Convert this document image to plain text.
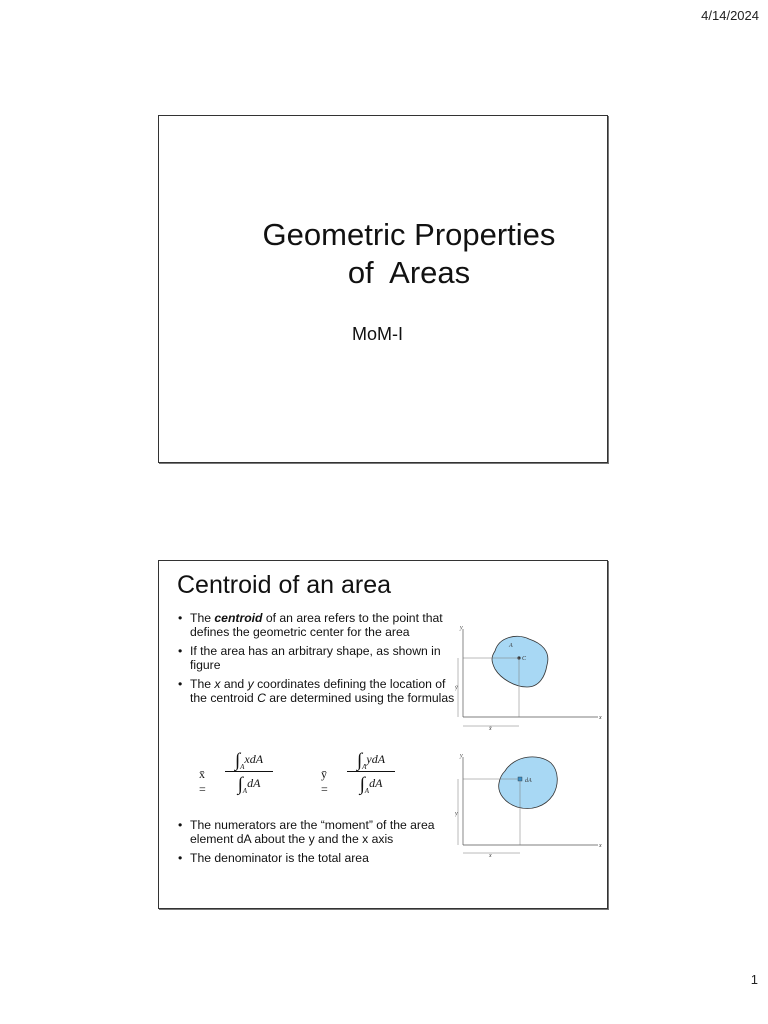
4/14/2024
Geometric Properties
of  Areas
MoM-I
Centroid of an area
• The centroid of an area refers to the point that defines the geometric center for the area
• If the area has an arbitrary shape, as shown in figure
• The x and y coordinates defining the location of the centroid C are determined using the formulas
x̄ =
$\int_AxdA$
$\int_AdA$
ȳ =
$\int_AydA$
$\int_AdA$
• The numerators are the “moment” of the area element dA about the y and the x axis
• The denominator is the total area
y
x
A
C
x̄
ȳ
y
x
dA
x
y
1
